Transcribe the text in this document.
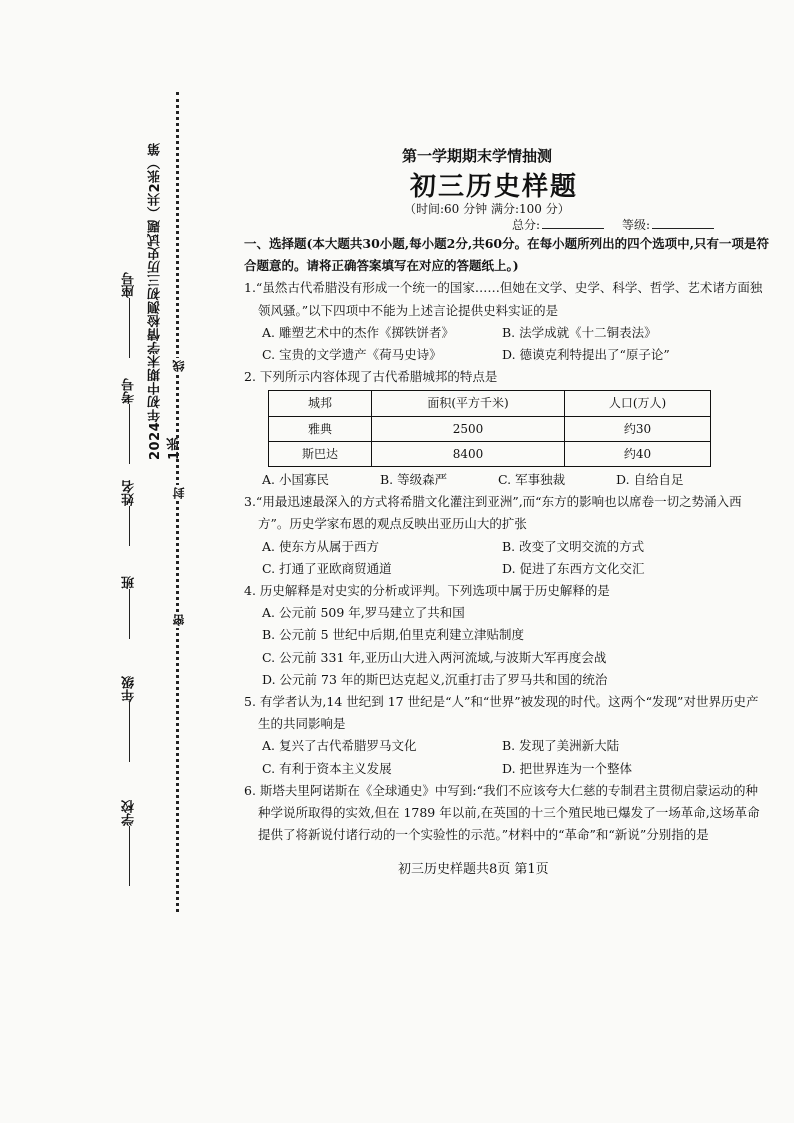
2024年初中期末学情检测初三历史试题（共2张）第1张
座号
考号
姓名
班
年级
学校
线
封
密
第一学期期末学情抽测
初三历史样题
（时间:60 分钟 满分:100 分）
总分:	等级:
一、选择题(本大题共30小题,每小题2分,共60分。在每小题所列出的四个选项中,只有一项是符合题意的。请将正确答案填写在对应的答题纸上。)
1.“虽然古代希腊没有形成一个统一的国家……但她在文学、史学、科学、哲学、艺术诸方面独领风骚。”以下四项中不能为上述言论提供史料实证的是
A. 雕塑艺术中的杰作《掷铁饼者》	B. 法学成就《十二铜表法》
C. 宝贵的文学遗产《荷马史诗》	D. 德谟克利特提出了“原子论”
2. 下列所示内容体现了古代希腊城邦的特点是
城邦	面积(平方千米)	人口(万人)
雅典	2500	约30
斯巴达	8400	约40
A. 小国寡民	B. 等级森严	C. 军事独裁	D. 自给自足
3.“用最迅速最深入的方式将希腊文化灌注到亚洲”,而“东方的影响也以席卷一切之势涌入西方”。历史学家布恩的观点反映出亚历山大的扩张
A. 使东方从属于西方	B. 改变了文明交流的方式
C. 打通了亚欧商贸通道	D. 促进了东西方文化交汇
4. 历史解释是对史实的分析或评判。下列选项中属于历史解释的是
A. 公元前 509 年,罗马建立了共和国
B. 公元前 5 世纪中后期,伯里克利建立津贴制度
C. 公元前 331 年,亚历山大进入两河流域,与波斯大军再度会战
D. 公元前 73 年的斯巴达克起义,沉重打击了罗马共和国的统治
5. 有学者认为,14 世纪到 17 世纪是“人”和“世界”被发现的时代。这两个“发现”对世界历史产生的共同影响是
A. 复兴了古代希腊罗马文化	B. 发现了美洲新大陆
C. 有利于资本主义发展	D. 把世界连为一个整体
6. 斯塔夫里阿诺斯在《全球通史》中写到:“我们不应该夸大仁慈的专制君主贯彻启蒙运动的种种学说所取得的实效,但在 1789 年以前,在英国的十三个殖民地已爆发了一场革命,这场革命提供了将新说付诸行动的一个实验性的示范。”材料中的“革命”和“新说”分别指的是
初三历史样题共8页 第1页
